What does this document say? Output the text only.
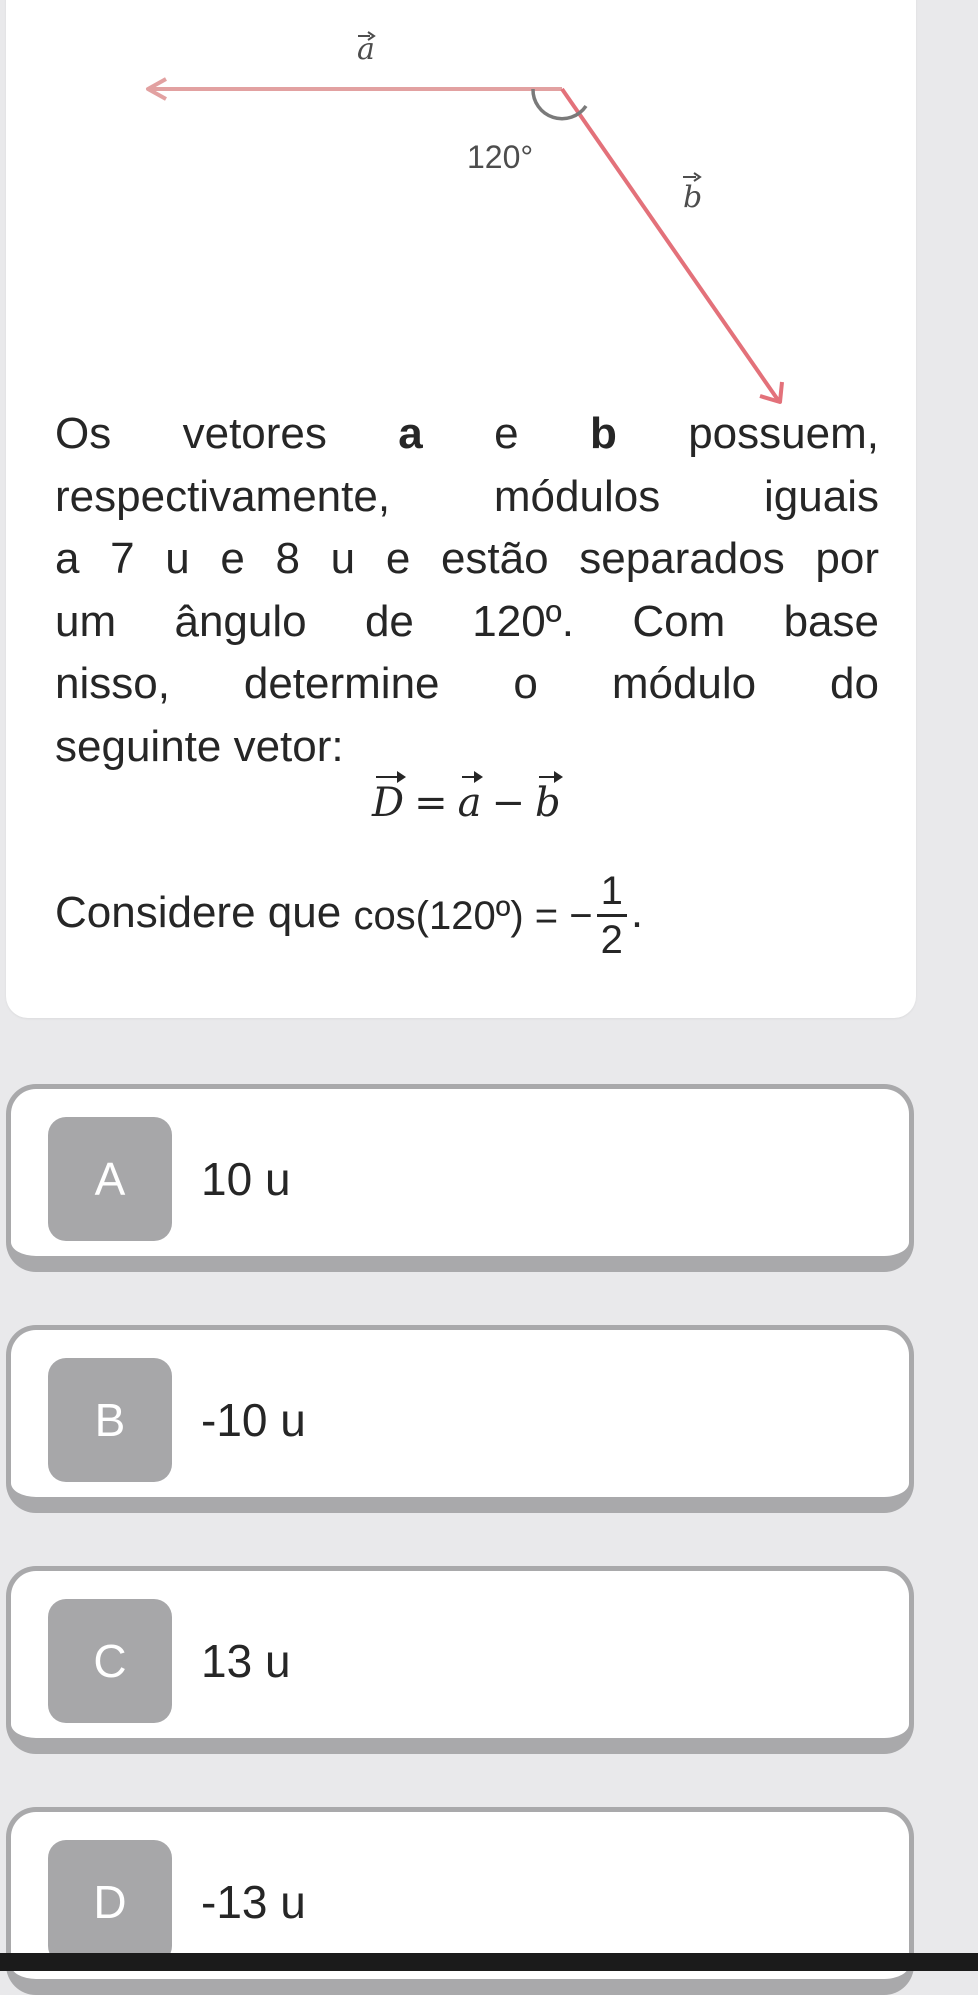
a
b
120°
Os vetores a e b possuem,
respectivamente, módulos iguais
a 7 u e 8 u e estão separados por
um ângulo de 120º. Com base
nisso, determine o módulo do
seguinte vetor:
D = a − b
Considere que cos(120º) = − $\frac{1}{2}$ .
A	10 u
B	-10 u
C	13 u
D	-13 u
